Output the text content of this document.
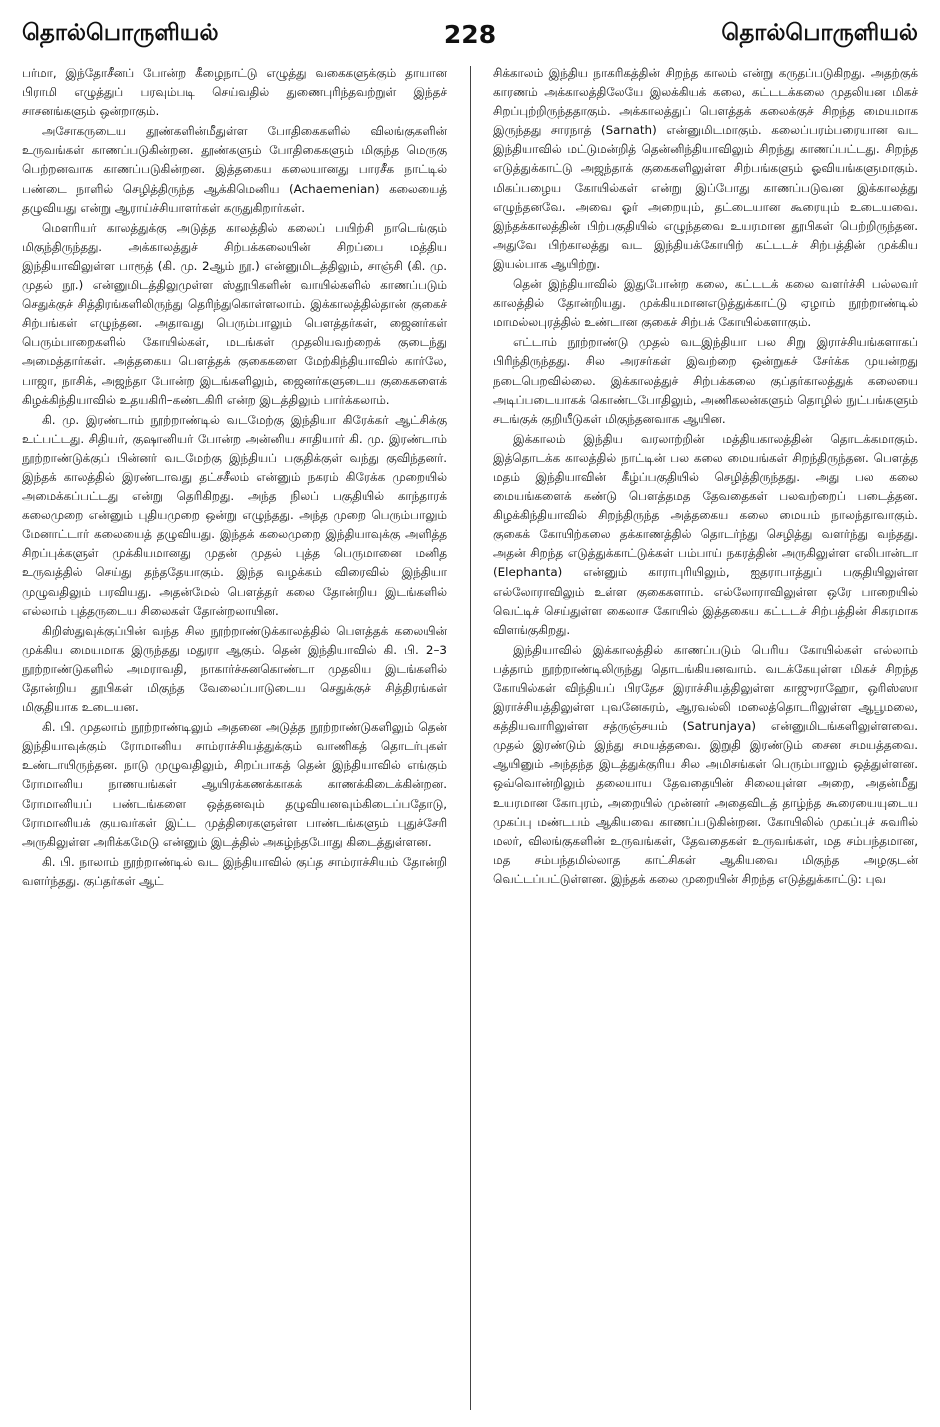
தொல்பொருளியல்	228	தொல்பொருளியல்

பர்மா, இந்தோசீனப் போன்ற கீழைநாட்டு எழுத்து வகைகளுக்கும் தாயான பிராமி எழுத்துப் பரவும்படி செய்வதில் துணைபுரிந்தவற்றுள் இந்தச் சாசனங்களும் ஒன்றாகும்.

அசோகருடைய தூண்களின்மீதுள்ள போதிகைகளில் விலங்குகளின் உருவங்கள் காணப்படுகின்றன. தூண்களும் போதிகைகளும் மிகுந்த மெருகு பெற்றனவாக காணப்படுகின்றன. இத்தகைய கலையானது பாரசீக நாட்டில் பண்டை நாளில் செழித்திருந்த ஆக்கிமெனிய (Achaemenian) கலையைத் தழுவியது என்று ஆராய்ச்சியாளர்கள் கருதுகிறார்கள்.

மௌரியர் காலத்துக்கு அடுத்த காலத்தில் கலைப் பயிற்சி நாடெங்கும் மிகுந்திருந்தது. அக்காலத்துச் சிற்பக்கலையின் சிறப்பை மத்திய இந்தியாவிலுள்ள பாரூத் (கி. மு. 2ஆம் நூ.) என்னுமிடத்திலும், சாஞ்சி (கி. மு. முதல் நூ.) என்னுமிடத்திலுமுள்ள ஸ்தூபிகளின் வாயில்களில் காணப்படும் செதுக்குச் சித்திரங்களிலிருந்து தெரிந்துகொள்ளலாம். இக்காலத்தில்தான் குகைச் சிற்பங்கள் எழுந்தன. அதாவது பெரும்பாலும் பௌத்தர்கள், ஜைனர்கள் பெரும்பாறைகளில் கோயில்கள், மடங்கள் முதலியவற்றைக் குடைந்து அமைத்தார்கள். அத்தகைய பௌத்தக் குகைகளை மேற்கிந்தியாவில் கார்லே, பாஜா, நாசிக், அஜந்தா போன்ற இடங்களிலும், ஜைனர்களுடைய குகைகளைக் கிழக்கிந்தியாவில் உதயகிரி–கண்டகிரி என்ற இடத்திலும் பார்க்கலாம்.

கி. மு. இரண்டாம் நூற்றாண்டில் வடமேற்கு இந்தியா கிரேக்கர் ஆட்சிக்கு உட்பட்டது. சிதியர், குஷானியர் போன்ற அன்னிய சாதியார் கி. மு. இரண்டாம் நூற்றாண்டுக்குப் பின்னர் வடமேற்கு இந்தியப் பகுதிக்குள் வந்து குவிந்தனர். இந்தக் காலத்தில் இரண்டாவது தட்சசீலம் என்னும் நகரம் கிரேக்க முறையில் அமைக்கப்பட்டது என்று தெரிகிறது. அந்த நிலப் பகுதியில் காந்தாரக் கலைமுறை என்னும் புதியமுறை ஒன்று எழுந்தது. அந்த முறை பெரும்பாலும் மேனாட்டார் கலையைத் தழுவியது. இந்தக் கலைமுறை இந்தியாவுக்கு அளித்த சிறப்புக்களுள் முக்கியமானது முதன் முதல் புத்த பெருமானை மனித உருவத்தில் செய்து தந்ததேயாகும். இந்த வழக்கம் விரைவில் இந்தியா முழுவதிலும் பரவியது. அதன்மேல் பௌத்தர் கலை தோன்றிய இடங்களில் எல்லாம் புத்தருடைய சிலைகள் தோன்றலாயின.

கிறிஸ்துவுக்குப்பின் வந்த சில நூற்றாண்டுக்காலத்தில் பௌத்தக் கலையின் முக்கிய மையமாக இருந்தது மதுரா ஆகும். தென் இந்தியாவில் கி. பி. 2–3 நூற்றாண்டுகளில் அமராவதி, நாகார்ச்சுனகொண்டா முதலிய இடங்களில் தோன்றிய தூபிகள் மிகுந்த வேலைப்பாடுடைய செதுக்குச் சித்திரங்கள் மிகுதியாக உடையன.

கி. பி. முதலாம் நூற்றாண்டிலும் அதனை அடுத்த நூற்றாண்டுகளிலும் தென் இந்தியாவுக்கும் ரோமானிய சாம்ராச்சியத்துக்கும் வாணிகத் தொடர்புகள் உண்டாயிருந்தன. நாடு முழுவதிலும், சிறப்பாகத் தென் இந்தியாவில் எங்கும் ரோமானிய நாணயங்கள் ஆயிரக்கணக்காகக் காணக்கிடைக்கின்றன. ரோமானியப் பண்டங்களை ஒத்தனவும் தழுவியனவும்கிடைப்பதோடு, ரோமானியக் குயவர்கள் இட்ட முத்திரைகளுள்ள பாண்டங்களும் புதுச்சேரி அருகிலுள்ள அரிக்கமேடு என்னும் இடத்தில் அகழ்ந்தபோது கிடைத்துள்ளன.

கி. பி. நாலாம் நூற்றாண்டில் வட இந்தியாவில் குப்த சாம்ராச்சியம் தோன்றி வளர்ந்தது. குப்தர்கள் ஆட்

சிக்காலம் இந்திய நாகரிகத்தின் சிறந்த காலம் என்று கருதப்படுகிறது. அதற்குக் காரணம் அக்காலத்திலேயே இலக்கியக் கலை, கட்டடக்கலை முதலியன மிகச் சிறப்புற்றிருந்ததாகும். அக்காலத்துப் பௌத்தக் கலைக்குச் சிறந்த மையமாக இருந்தது சாரநாத் (Sarnath) என்னுமிடமாகும். கலைப்பரம்பரையான வட இந்தியாவில் மட்டுமன்றித் தென்னிந்தியாவிலும் சிறந்து காணப்பட்டது. சிறந்த எடுத்துக்காட்டு அஜந்தாக் குகைகளிலுள்ள சிற்பங்களும் ஓவியங்களுமாகும். மிகப்பழைய கோயில்கள் என்று இப்போது காணப்படுவன இக்காலத்து எழுந்தனவே. அவை ஓர் அறையும், தட்டையான கூரையும் உடையவை. இந்தக்காலத்தின் பிற்பகுதியில் எழுந்தவை உயரமான தூபிகள் பெற்றிருந்தன. அதுவே பிற்காலத்து வட இந்தியக்கோயிற் கட்டடச் சிற்பத்தின் முக்கிய இயல்பாக ஆயிற்று.

தென் இந்தியாவில் இதுபோன்ற கலை, கட்டடக் கலை வளர்ச்சி பல்லவர் காலத்தில் தோன்றியது. முக்கியமானஎடுத்துக்காட்டு ஏழாம் நூற்றாண்டில் மாமல்லபுரத்தில் உண்டான குகைச் சிற்பக் கோயில்களாகும்.

எட்டாம் நூற்றாண்டு முதல் வடஇந்தியா பல சிறு இராச்சியங்களாகப் பிரிந்திருந்தது. சில அரசர்கள் இவற்றை ஒன்றுகச் சேர்க்க முயன்றது நடைபெறவில்லை. இக்காலத்துச் சிற்பக்கலை குப்தர்காலத்துக் கலையை அடிப்படையாகக் கொண்டபோதிலும், அணிகலன்களும் தொழில் நுட்பங்களும் சடங்குக் குறியீடுகள் மிகுந்தனவாக ஆயின.

இக்காலம் இந்திய வரலாற்றின் மத்தியகாலத்தின் தொடக்கமாகும். இத்தொடக்க காலத்தில் நாட்டின் பல கலை மையங்கள் சிறந்திருந்தன. பௌத்த மதம் இந்தியாவின் கீழ்ப்பகுதியில் செழித்திருந்தது. அது பல கலை மையங்களைக் கண்டு பௌத்தமத தேவதைகள் பலவற்றைப் படைத்தன. கிழக்கிந்தியாவில் சிறந்திருந்த அத்தகைய கலை மையம் நாலந்தாவாகும். குகைக் கோயிற்கலை தக்காணத்தில் தொடர்ந்து செழித்து வளர்ந்து வந்தது. அதன் சிறந்த எடுத்துக்காட்டுக்கள் பம்பாய் நகரத்தின் அருகிலுள்ள எலிபான்டா (Elephanta) என்னும் காராபுரியிலும், ஐதராபாத்துப் பகுதியிலுள்ள எல்லோராவிலும் உள்ள குகைகளாம். எல்லோராவிலுள்ள ஒரே பாறையில் வெட்டிச் செய்துள்ள கைலாச கோயில் இத்தகைய கட்டடச் சிற்பத்தின் சிகரமாக விளங்குகிறது.

இந்தியாவில் இக்காலத்தில் காணப்படும் பெரிய கோயில்கள் எல்லாம் பத்தாம் நூற்றாண்டிலிருந்து தொடங்கியனவாம். வடக்கேயுள்ள மிகச் சிறந்த கோயில்கள் விந்தியப் பிரதேச இராச்சியத்திலுள்ள காஜுராஹோ, ஒரிஸ்ஸா இராச்சியத்திலுள்ள புவனேசுரம், ஆரவல்லி மலைத்தொடரிலுள்ள ஆபூமலை, கத்தியவாரிலுள்ள சத்ருஞ்சயம் (Satrunjaya) என்னுமிடங்களிலுள்ளவை. முதல் இரண்டும் இந்து சமயத்தவை. இறுதி இரண்டும் சைன சமயத்தவை. ஆயினும் அந்தந்த இடத்துக்குரிய சில அமிசங்கள் பெரும்பாலும் ஒத்துள்ளன. ஒவ்வொன்றிலும் தலையாய தேவதையின் சிலையுள்ள அறை, அதன்மீது உயரமான கோபுரம், அறையில் முன்னர் அதைவிடத் தாழ்ந்த கூரையையுடைய முகப்பு மண்டபம் ஆகியவை காணப்படுகின்றன. கோயிலில் முகப்புச் சுவரில் மலர், விலங்குகளின் உருவங்கள், தேவதைகள் உருவங்கள், மத சம்பந்தமான, மத சம்பந்தமில்லாத காட்சிகள் ஆகியவை மிகுந்த அழகுடன் வெட்டப்பட்டுள்ளன. இந்தக் கலை முறையின் சிறந்த எடுத்துக்காட்டு: புவ
